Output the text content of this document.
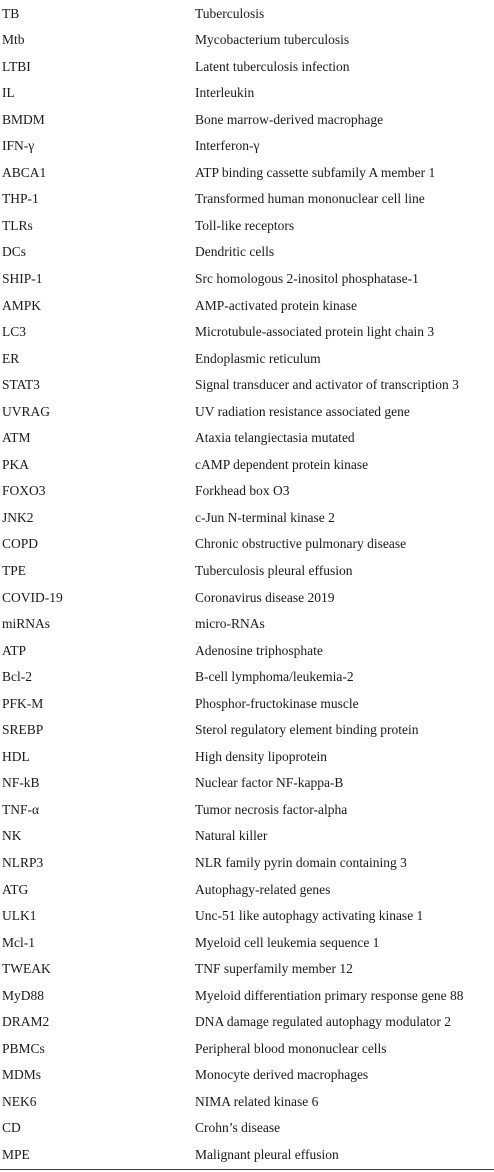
TB	Tuberculosis
Mtb	Mycobacterium tuberculosis
LTBI	Latent tuberculosis infection
IL	Interleukin
BMDM	Bone marrow-derived macrophage
IFN-γ	Interferon-γ
ABCA1	ATP binding cassette subfamily A member 1
THP-1	Transformed human mononuclear cell line
TLRs	Toll-like receptors
DCs	Dendritic cells
SHIP-1	Src homologous 2-inositol phosphatase-1
AMPK	AMP-activated protein kinase
LC3	Microtubule-associated protein light chain 3
ER	Endoplasmic reticulum
STAT3	Signal transducer and activator of transcription 3
UVRAG	UV radiation resistance associated gene
ATM	Ataxia telangiectasia mutated
PKA	cAMP dependent protein kinase
FOXO3	Forkhead box O3
JNK2	c-Jun N-terminal kinase 2
COPD	Chronic obstructive pulmonary disease
TPE	Tuberculosis pleural effusion
COVID-19	Coronavirus disease 2019
miRNAs	micro-RNAs
ATP	Adenosine triphosphate
Bcl-2	B-cell lymphoma/leukemia-2
PFK-M	Phosphor-fructokinase muscle
SREBP	Sterol regulatory element binding protein
HDL	High density lipoprotein
NF-kB	Nuclear factor NF-kappa-B
TNF-α	Tumor necrosis factor-alpha
NK	Natural killer
NLRP3	NLR family pyrin domain containing 3
ATG	Autophagy-related genes
ULK1	Unc-51 like autophagy activating kinase 1
Mcl-1	Myeloid cell leukemia sequence 1
TWEAK	TNF superfamily member 12
MyD88	Myeloid differentiation primary response gene 88
DRAM2	DNA damage regulated autophagy modulator 2
PBMCs	Peripheral blood mononuclear cells
MDMs	Monocyte derived macrophages
NEK6	NIMA related kinase 6
CD	Crohn’s disease
MPE	Malignant pleural effusion
